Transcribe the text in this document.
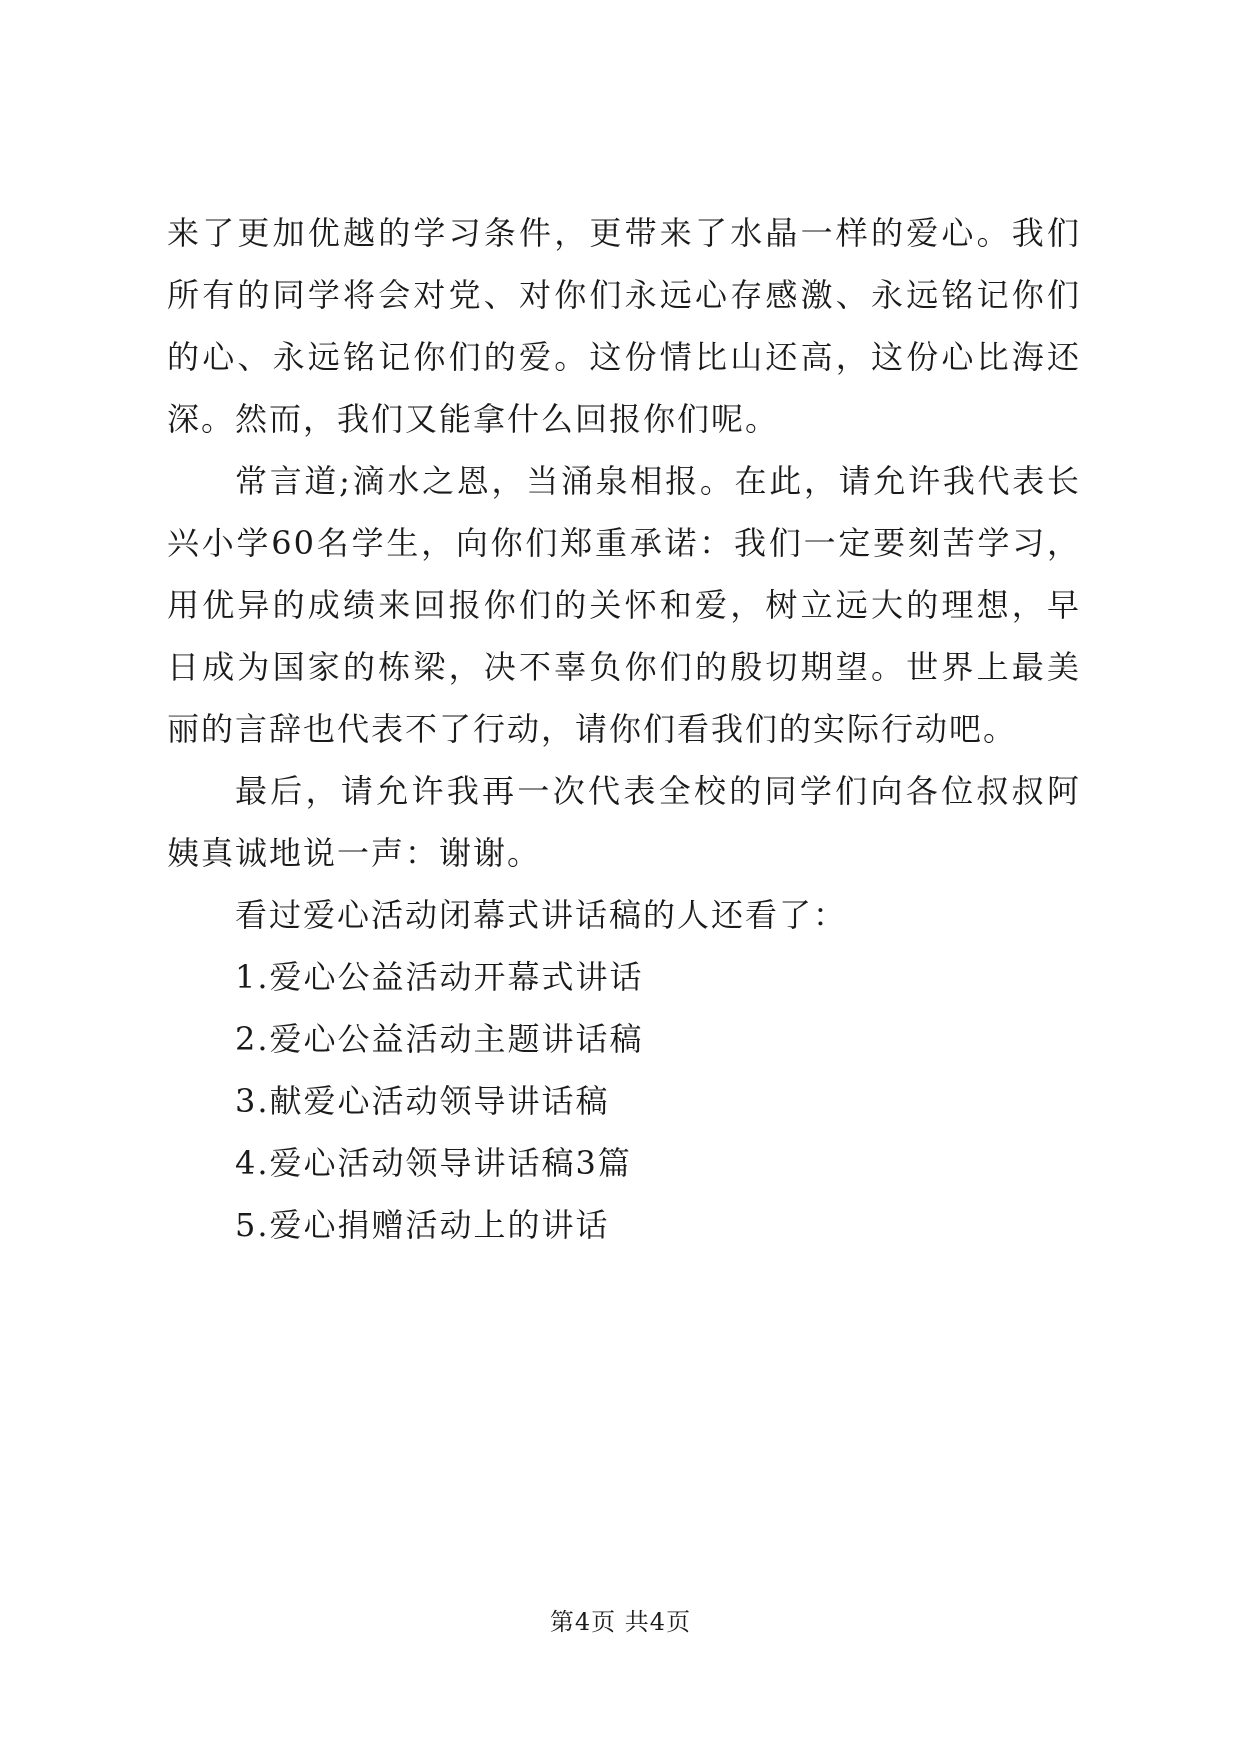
来了更加优越的学习条件，更带来了水晶一样的爱心。我们所有的同学将会对党、对你们永远心存感激、永远铭记你们的心、永远铭记你们的爱。这份情比山还高，这份心比海还深。然而，我们又能拿什么回报你们呢。

常言道;滴水之恩，当涌泉相报。在此，请允许我代表长兴小学60名学生，向你们郑重承诺：我们一定要刻苦学习，用优异的成绩来回报你们的关怀和爱，树立远大的理想，早日成为国家的栋梁，决不辜负你们的殷切期望。世界上最美丽的言辞也代表不了行动，请你们看我们的实际行动吧。

最后，请允许我再一次代表全校的同学们向各位叔叔阿姨真诚地说一声：谢谢。

看过爱心活动闭幕式讲话稿的人还看了：

1.爱心公益活动开幕式讲话
2.爱心公益活动主题讲话稿
3.献爱心活动领导讲话稿
4.爱心活动领导讲话稿3篇
5.爱心捐赠活动上的讲话
第4页 共4页
